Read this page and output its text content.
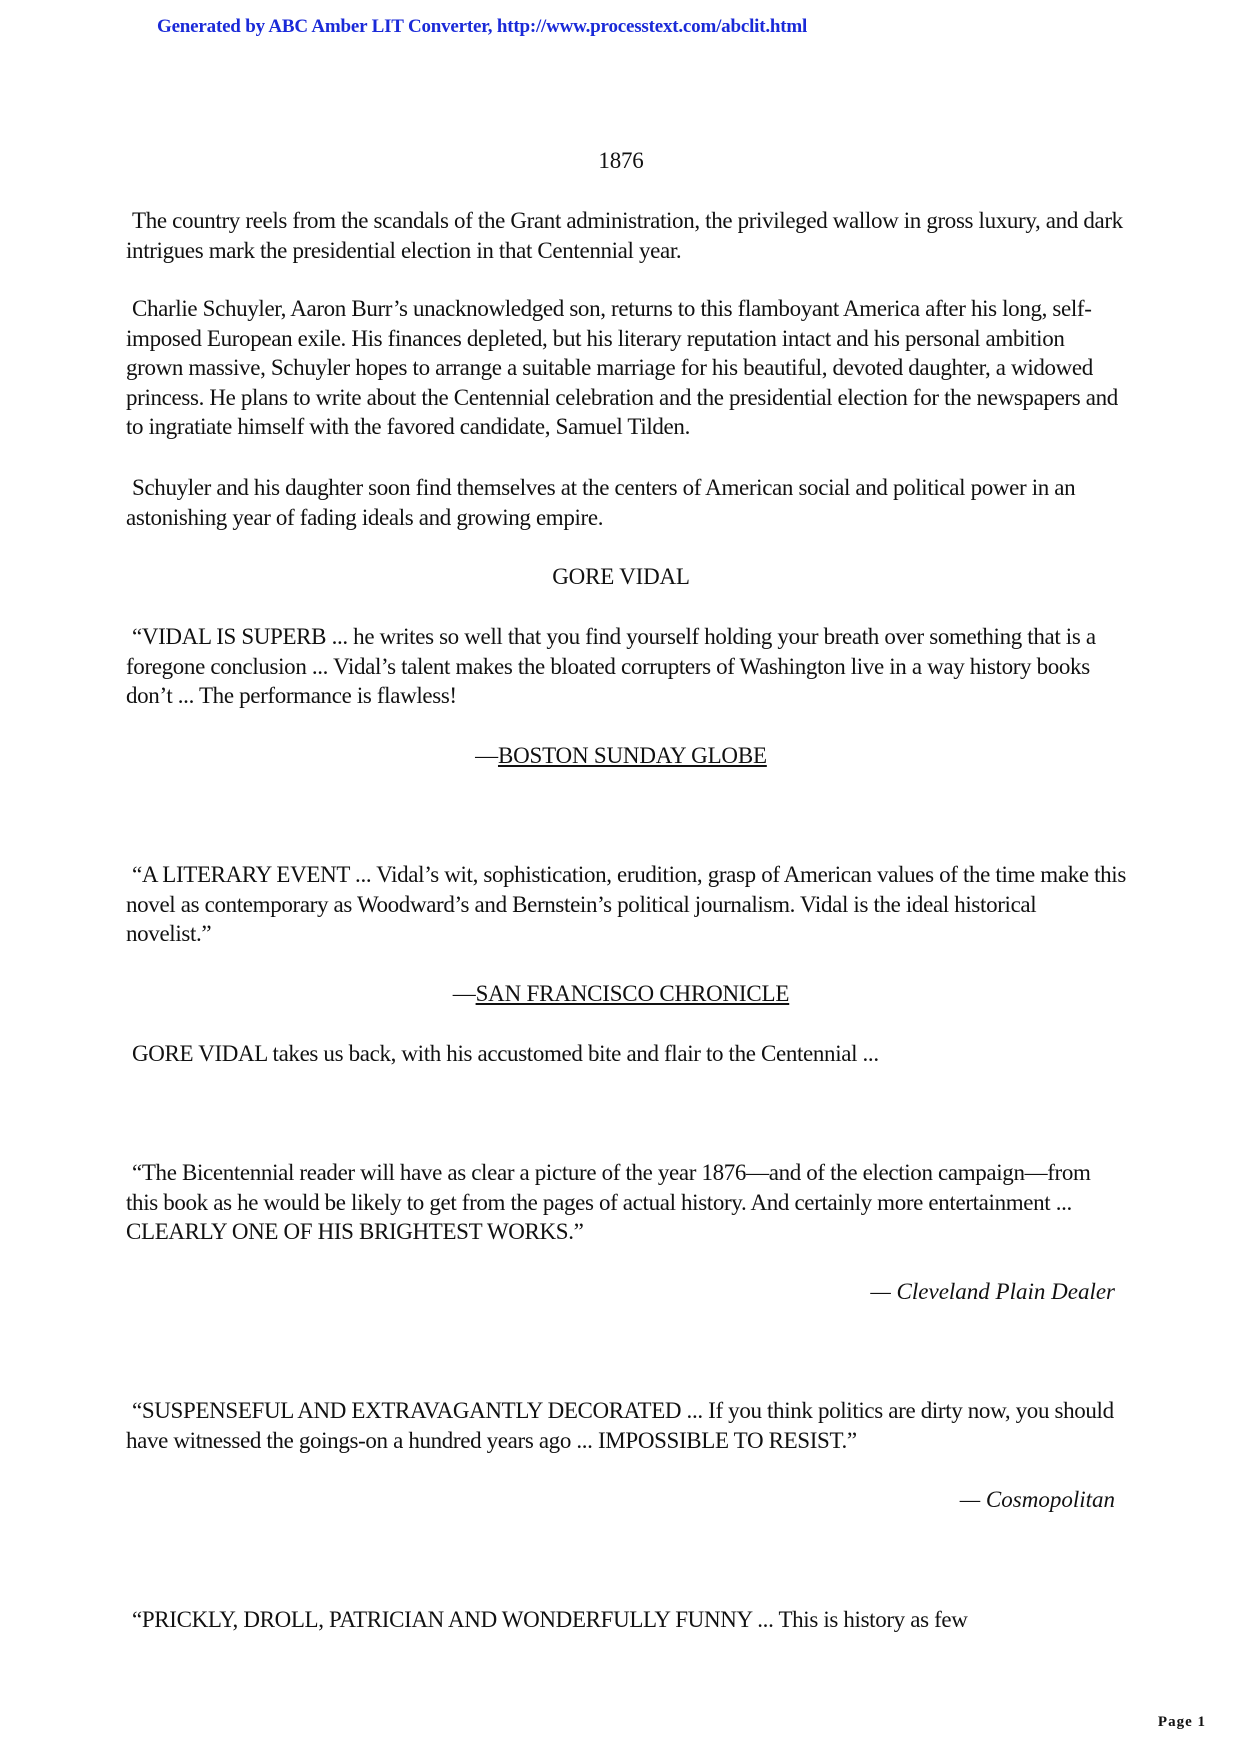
Generated by ABC Amber LIT Converter, http://www.processtext.com/abclit.html
1876
The country reels from the scandals of the Grant administration, the privileged wallow in gross luxury, and dark intrigues mark the presidential election in that Centennial year.
Charlie Schuyler, Aaron Burr’s unacknowledged son, returns to this flamboyant America after his long, self-imposed European exile. His finances depleted, but his literary reputation intact and his personal ambition grown massive, Schuyler hopes to arrange a suitable marriage for his beautiful, devoted daughter, a widowed princess. He plans to write about the Centennial celebration and the presidential election for the newspapers and to ingratiate himself with the favored candidate, Samuel Tilden.
Schuyler and his daughter soon find themselves at the centers of American social and political power in an astonishing year of fading ideals and growing empire.
GORE VIDAL
“VIDAL IS SUPERB ... he writes so well that you find yourself holding your breath over something that is a foregone conclusion ... Vidal’s talent makes the bloated corrupters of Washington live in a way history books don’t ... The performance is flawless!
—BOSTON SUNDAY GLOBE
“A LITERARY EVENT ... Vidal’s wit, sophistication, erudition, grasp of American values of the time make this novel as contemporary as Woodward’s and Bernstein’s political journalism. Vidal is the ideal historical novelist.”
—SAN FRANCISCO CHRONICLE
GORE VIDAL takes us back, with his accustomed bite and flair to the Centennial ...
“The Bicentennial reader will have as clear a picture of the year 1876—and of the election campaign—from this book as he would be likely to get from the pages of actual history. And certainly more entertainment ... CLEARLY ONE OF HIS BRIGHTEST WORKS.”
— Cleveland Plain Dealer
“SUSPENSEFUL AND EXTRAVAGANTLY DECORATED ... If you think politics are dirty now, you should have witnessed the goings-on a hundred years ago ... IMPOSSIBLE TO RESIST.”
— Cosmopolitan
“PRICKLY, DROLL, PATRICIAN AND WONDERFULLY FUNNY ... This is history as few
Page 1
